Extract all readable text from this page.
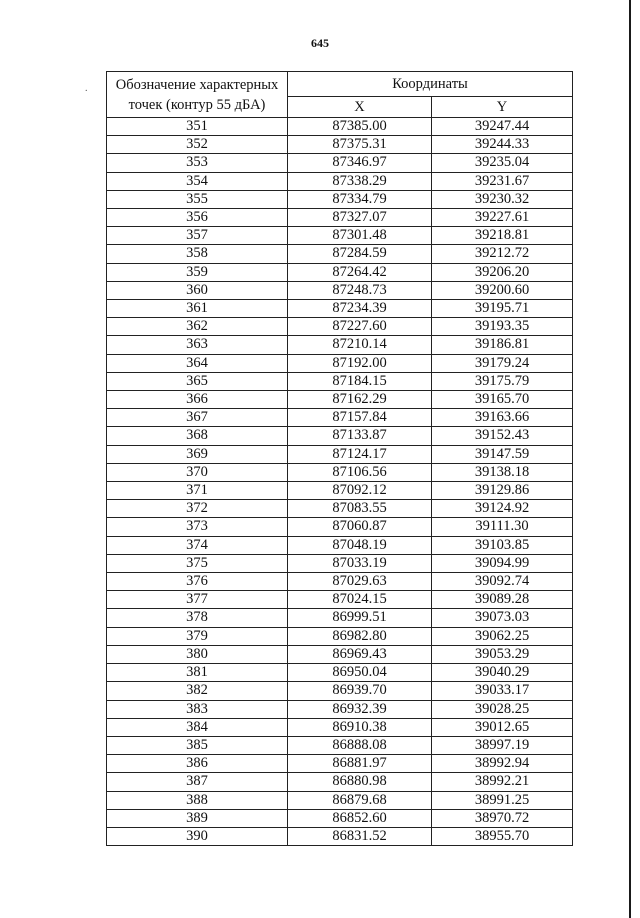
645
. Обозначение характерных точек (контур 55 дБА)	Координаты	
	X	Y
351	87385.00	39247.44
352	87375.31	39244.33
353	87346.97	39235.04
354	87338.29	39231.67
355	87334.79	39230.32
356	87327.07	39227.61
357	87301.48	39218.81
358	87284.59	39212.72
359	87264.42	39206.20
360	87248.73	39200.60
361	87234.39	39195.71
362	87227.60	39193.35
363	87210.14	39186.81
364	87192.00	39179.24
365	87184.15	39175.79
366	87162.29	39165.70
367	87157.84	39163.66
368	87133.87	39152.43
369	87124.17	39147.59
370	87106.56	39138.18
371	87092.12	39129.86
372	87083.55	39124.92
373	87060.87	39111.30
374	87048.19	39103.85
375	87033.19	39094.99
376	87029.63	39092.74
377	87024.15	39089.28
378	86999.51	39073.03
379	86982.80	39062.25
380	86969.43	39053.29
381	86950.04	39040.29
382	86939.70	39033.17
383	86932.39	39028.25
384	86910.38	39012.65
385	86888.08	38997.19
386	86881.97	38992.94
387	86880.98	38992.21
388	86879.68	38991.25
389	86852.60	38970.72
390	86831.52	38955.70
